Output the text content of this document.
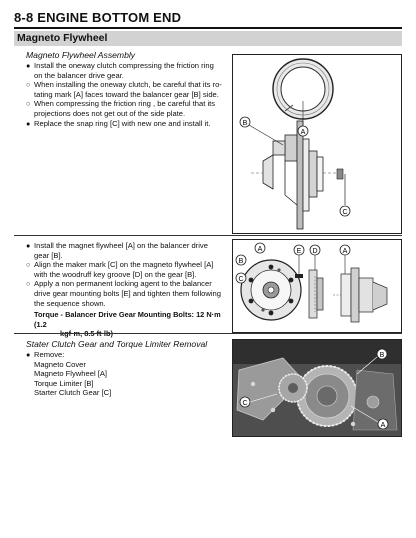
8-8 ENGINE BOTTOM END
Magneto Flywheel
Magneto Flywheel Assembly
● Install the oneway clutch compressing the friction ring on the balancer drive gear.
○ When installing the oneway clutch, be careful that its ro-tating mark [A] faces toward the balancer gear [B] side.
○ When compressing the friction ring , be careful that its projections does not get out of the side plate.
● Replace the snap ring [C] with new one and install it.
A
B
C
● Install the magnet flywheel [A] on the balancer drive gear [B].
○ Align the maker mark [C] on the magneto flywheel [A] with the woodruff key groove [D] on the gear [B].
○ Apply a non permanent locking agent to the balancer drive gear mounting bolts [E] and tighten them following the sequence shown.
Torque - Balancer Drive Gear Mounting Bolts: 12 N·m (1.2
A
B
C
D
E	A
Stater Clutch Gear and Torque Limiter Removal
● Remove:
Magneto Cover
Magneto Flywheel [A]
Torque Limiter [B]
Starter Clutch Gear [C]
B
C
A
